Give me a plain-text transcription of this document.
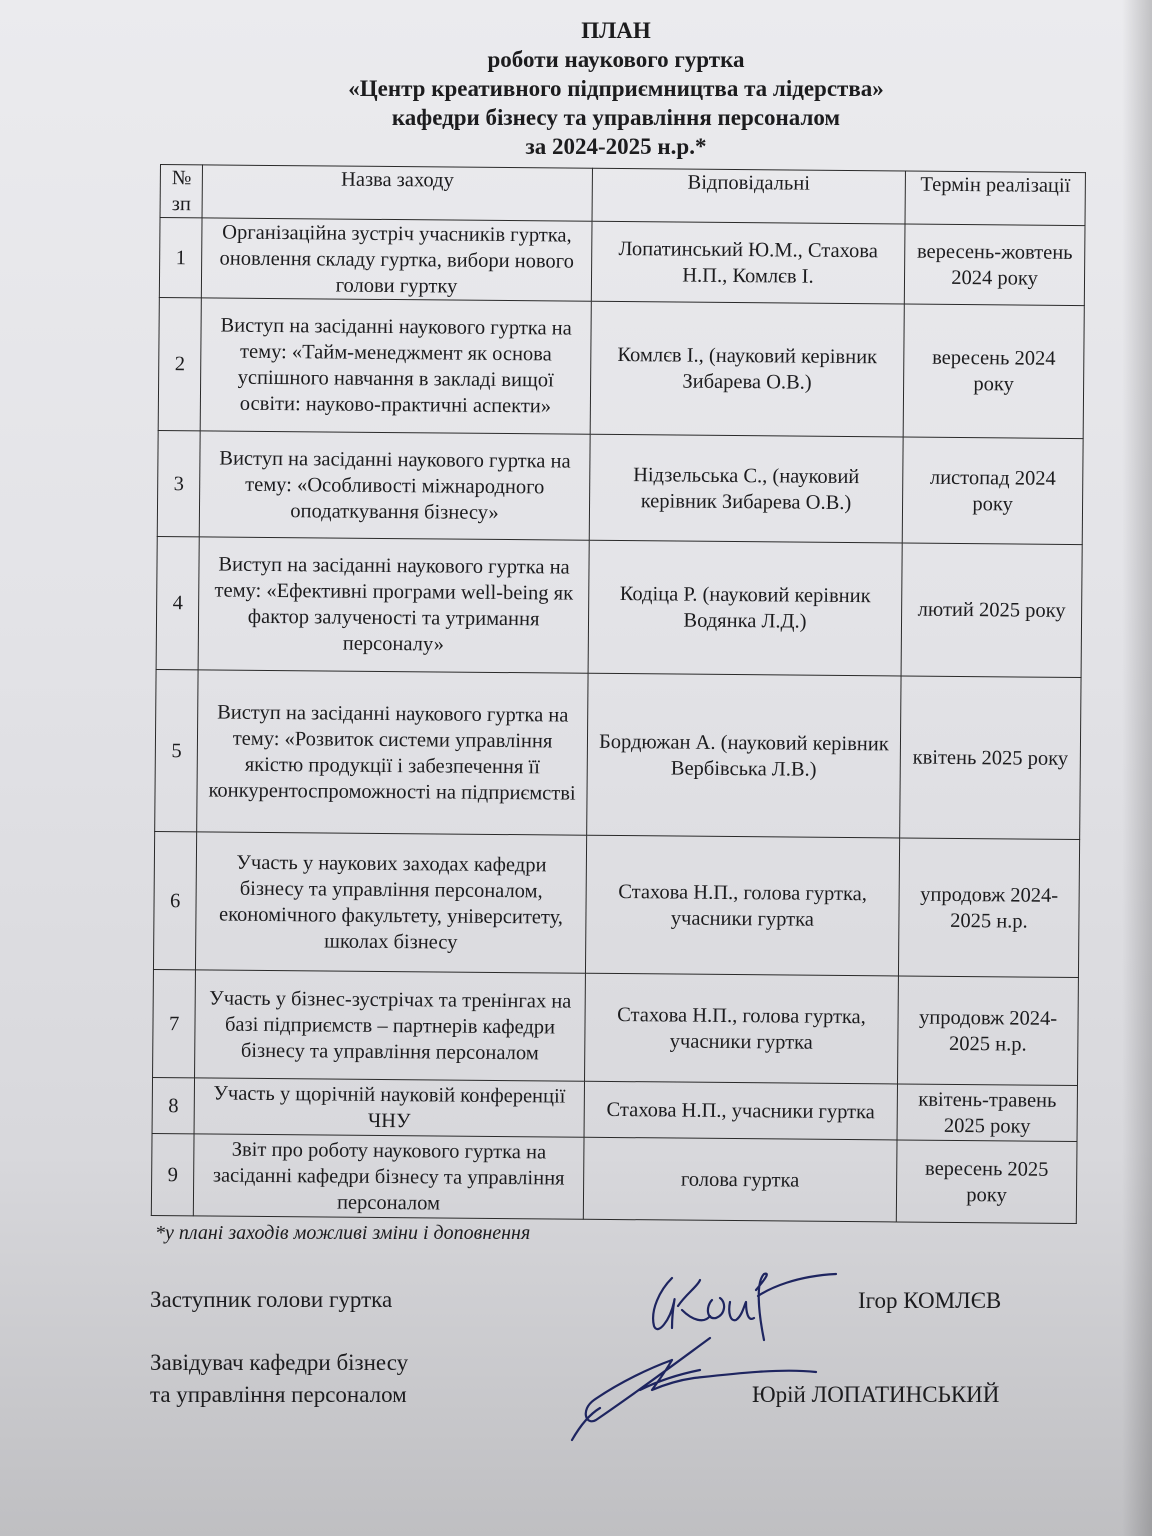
ПЛАН
роботи наукового гуртка
«Центр креативного підприємництва та лідерства»
кафедри бізнесу та управління персоналом
за 2024-2025 н.р.*
№ зп	Назва заходу	Відповідальні	Термін реалізації
1	Організаційна зустріч учасників гуртка, оновлення складу гуртка, вибори нового голови гуртку	Лопатинський Ю.М., Стахова Н.П., Комлєв І.	вересень-жовтень 2024 року
2	Виступ на засіданні наукового гуртка на тему: «Тайм-менеджмент як основа успішного навчання в закладі вищої освіти: науково-практичні аспекти»	Комлєв І., (науковий керівник Зибарева О.В.)	вересень 2024 року
3	Виступ на засіданні наукового гуртка на тему: «Особливості міжнародного оподаткування бізнесу»	Нідзельська С., (науковий керівник Зибарева О.В.)	листопад 2024 року
4	Виступ на засіданні наукового гуртка на тему: «Ефективні програми well-being як фактор залученості та утримання персоналу»	Кодіца Р. (науковий керівник Водянка Л.Д.)	лютий 2025 року
5	Виступ на засіданні наукового гуртка на тему: «Розвиток системи управління якістю продукції і забезпечення її конкурентоспроможності на підприємстві	Бордюжан А. (науковий керівник Вербівська Л.В.)	квітень 2025 року
6	Участь у наукових заходах кафедри бізнесу та управління персоналом, економічного факультету, університету, школах бізнесу	Стахова Н.П., голова гуртка, учасники гуртка	упродовж 2024-2025 н.р.
7	Участь у бізнес-зустрічах та тренінгах на базі підприємств – партнерів кафедри бізнесу та управління персоналом	Стахова Н.П., голова гуртка, учасники гуртка	упродовж 2024-2025 н.р.
8	Участь у щорічній науковій конференції ЧНУ	Стахова Н.П., учасники гуртка	квітень-травень 2025 року
9	Звіт про роботу наукового гуртка на засіданні кафедри бізнесу та управління персоналом	голова гуртка	вересень 2025 року
*у плані заходів можливі зміни і доповнення
Заступник голови гуртка	Ігор КОМЛЄВ
Завідувач кафедри бізнесу
та управління персоналом	Юрій ЛОПАТИНСЬКИЙ
